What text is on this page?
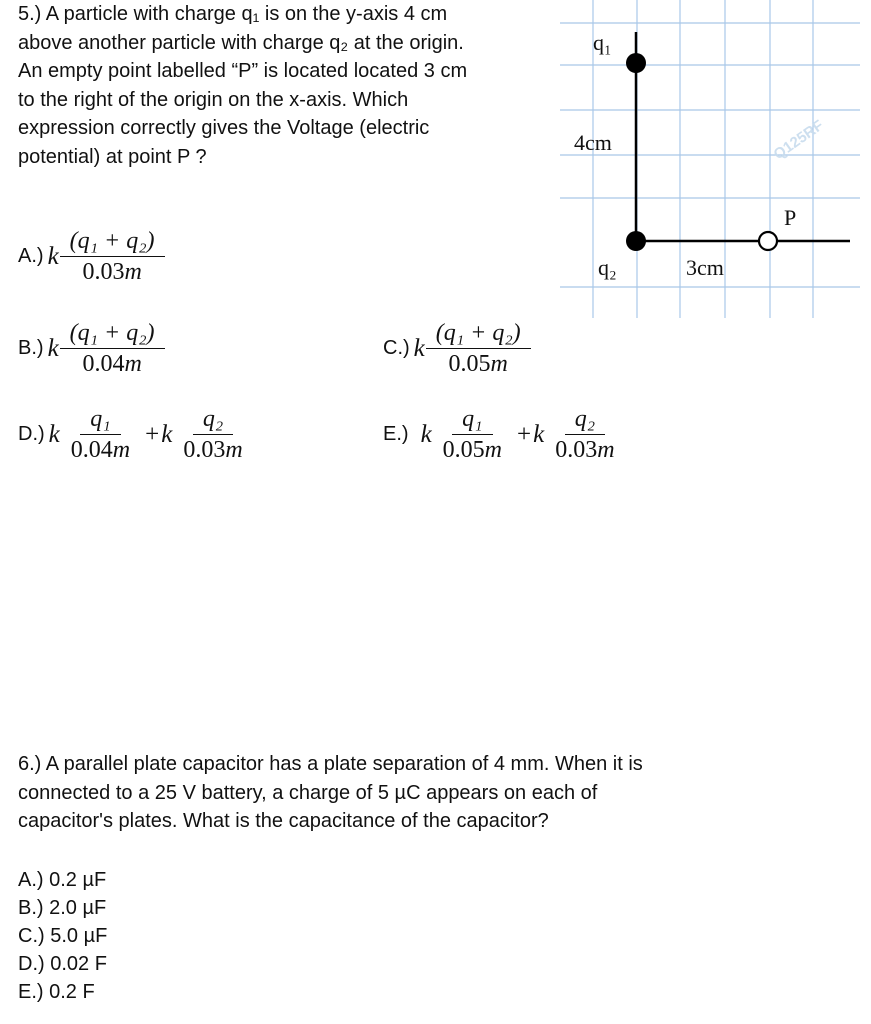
5.) A particle with charge q₁ is on the y-axis 4 cm
above another particle with charge q₂ at the origin.
An empty point labelled “P” is located located 3 cm
to the right of the origin on the x-axis. Which
expression correctly gives the Voltage (electric
potential) at point P ?
A.) k $\frac{\text{(q₁ + q₂)}}{0.03m}$
B.) k $\frac{\text{(q₁ + q₂)}}{0.04m}$	C.) k $\frac{\text{(q₁ + q₂)}}{0.05m}$
D.) k $\frac{\text{q₁}}{0.04m} + k \frac{\text{q₂}}{0.03m}$	E.) k $\frac{\text{q₁}}{0.05m} + k \frac{\text{q₂}}{0.03m}$
Q125RF
q₁
4cm
q₂	3cm
P
6.) A parallel plate capacitor has a plate separation of 4 mm. When it is
connected to a 25 V battery, a charge of 5 µC appears on each of
capacitor's plates. What is the capacitance of the capacitor?
A.) 0.2 µF
B.) 2.0 µF
C.) 5.0 µF
D.) 0.02 F
E.) 0.2 F
